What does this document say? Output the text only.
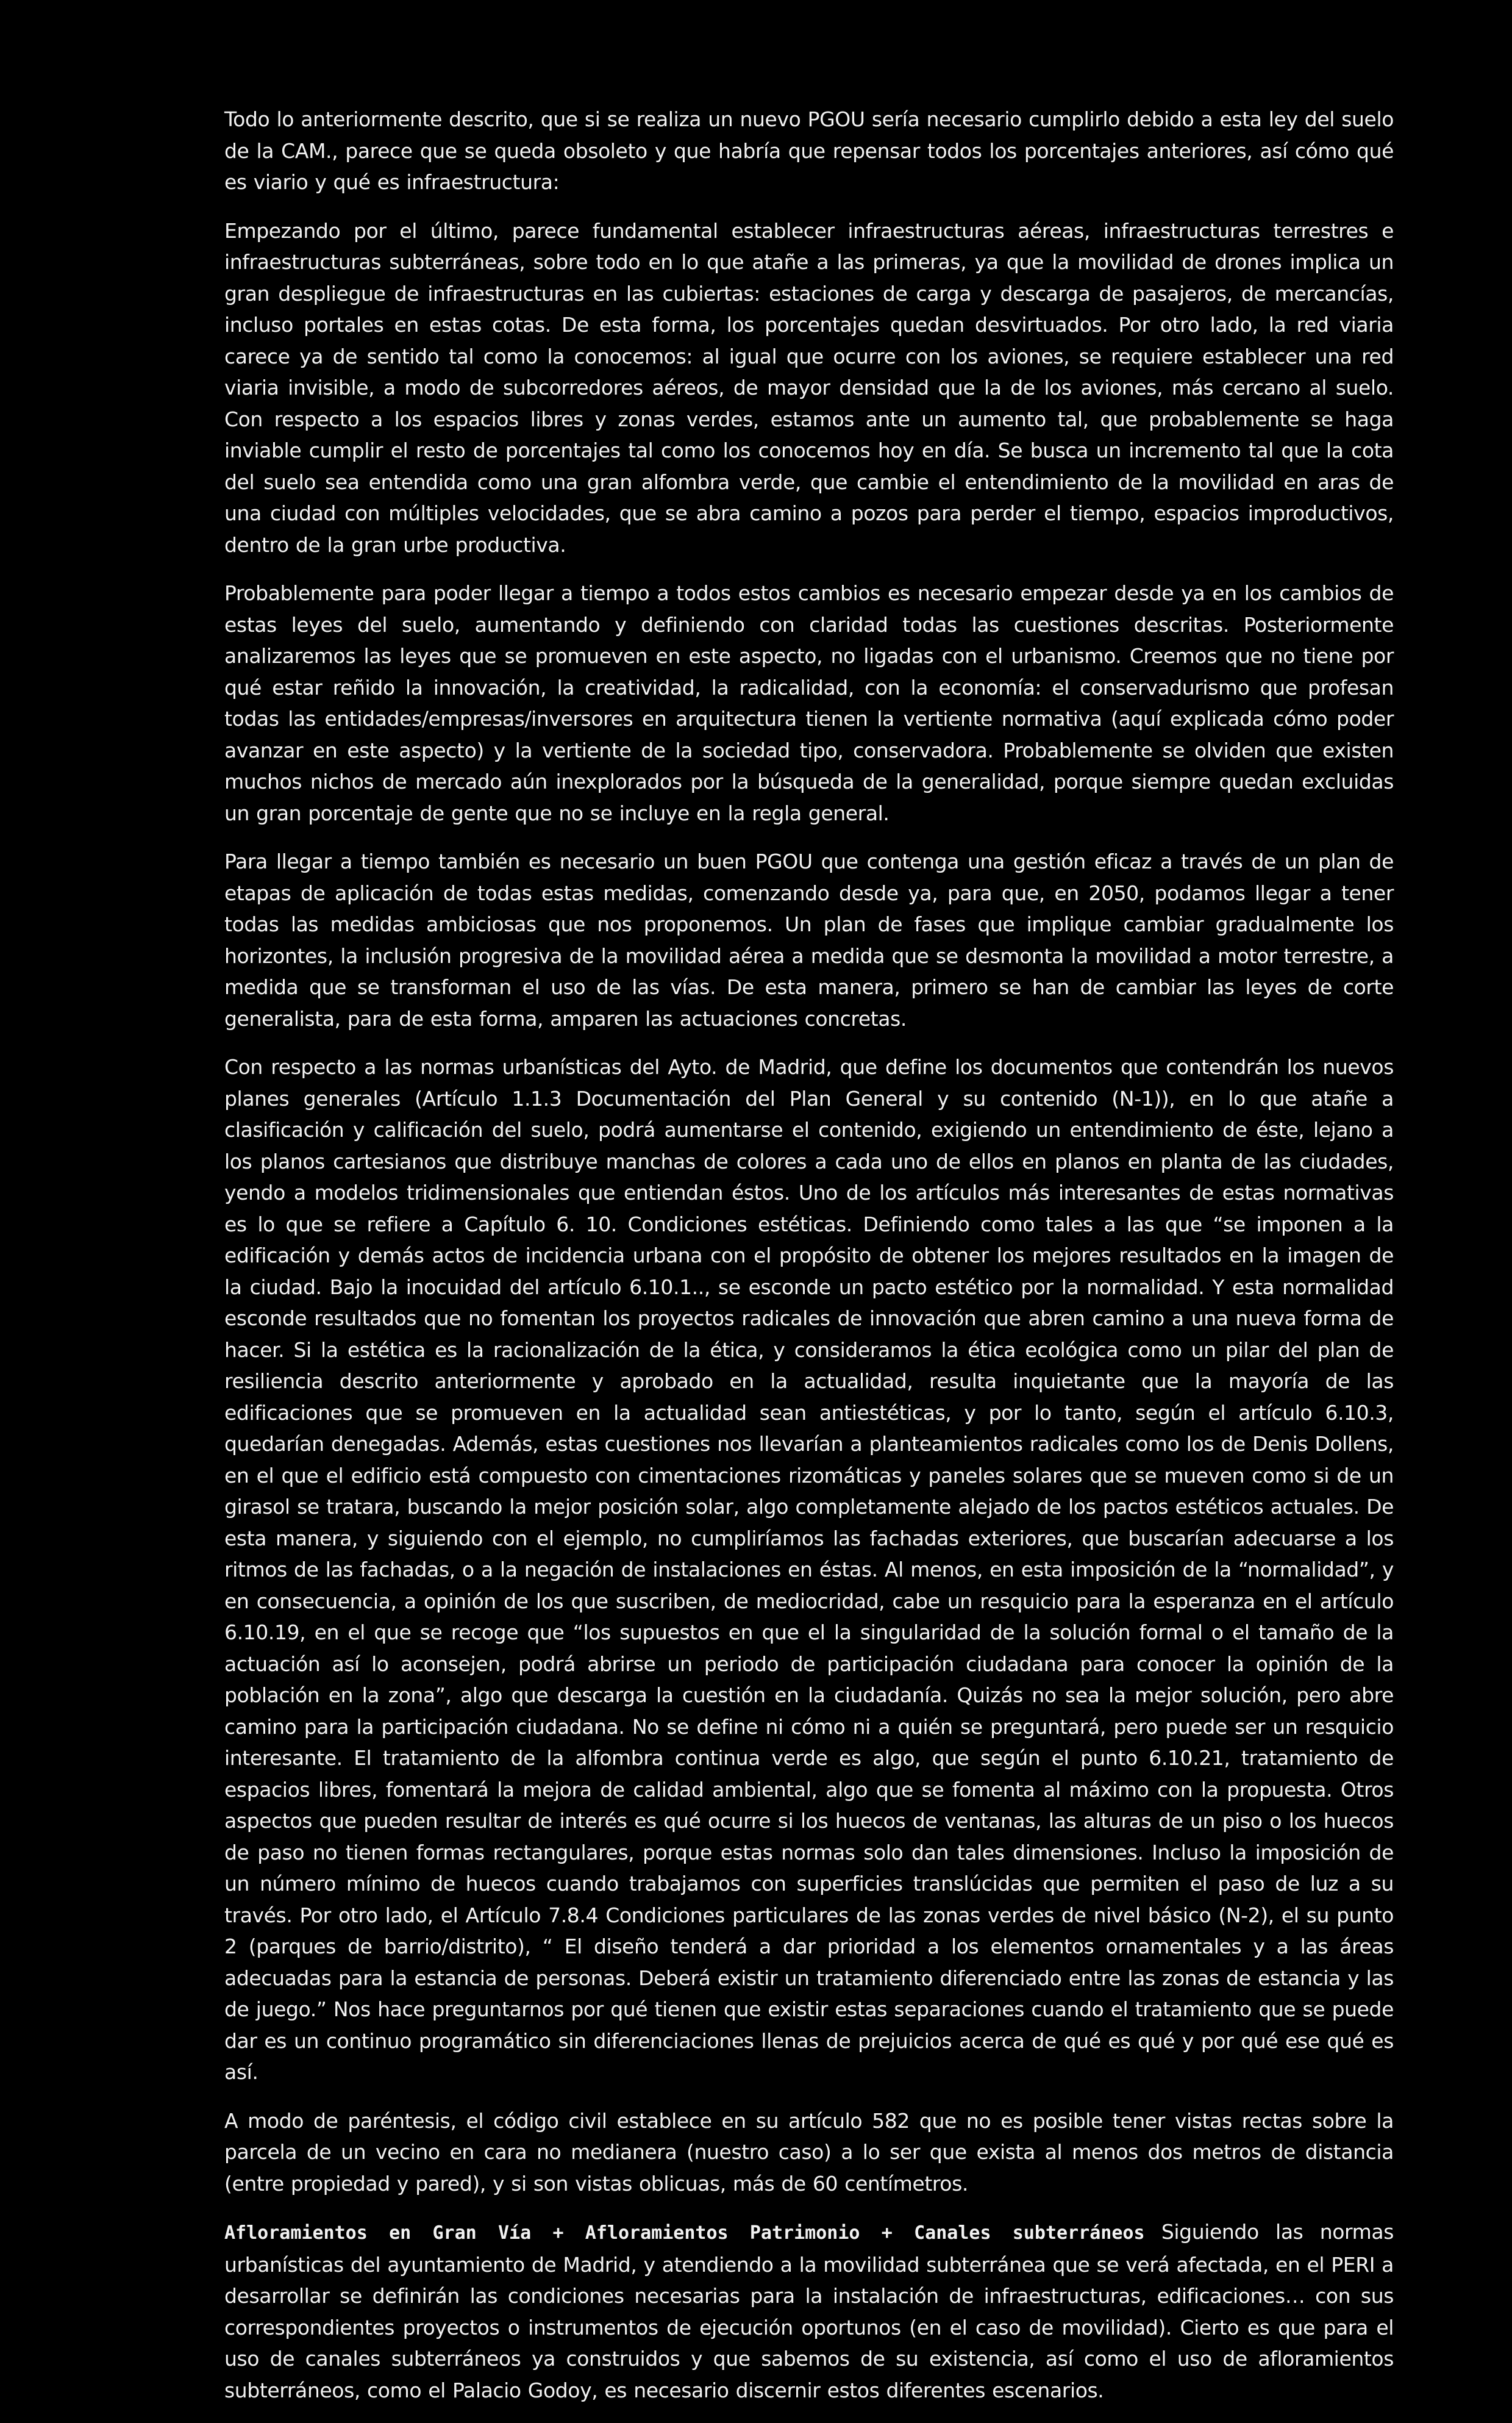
Todo lo anteriormente descrito, que si se realiza un nuevo PGOU sería necesario cumplirlo debido a esta ley del suelo de la CAM., parece que se queda obsoleto y que habría que repensar todos los porcentajes anteriores, así cómo qué es viario y qué es infraestructura:

Empezando por el último, parece fundamental establecer infraestructuras aéreas, infraestructuras terrestres e infraestructuras subterráneas, sobre todo en lo que atañe a las primeras, ya que la movilidad de drones implica un gran despliegue de infraestructuras en las cubiertas: estaciones de carga y descarga de pasajeros, de mercancías, incluso portales en estas cotas. De esta forma, los porcentajes quedan desvirtuados. Por otro lado, la red viaria carece ya de sentido tal como la conocemos: al igual que ocurre con los aviones, se requiere establecer una red viaria invisible, a modo de subcorredores aéreos, de mayor densidad que la de los aviones, más cercano al suelo. Con respecto a los espacios libres y zonas verdes, estamos ante un aumento tal, que probablemente se haga inviable cumplir el resto de porcentajes tal como los conocemos hoy en día. Se busca un incremento tal que la cota del suelo sea entendida como una gran alfombra verde, que cambie el entendimiento de la movilidad en aras de una ciudad con múltiples velocidades, que se abra camino a pozos para perder el tiempo, espacios improductivos, dentro de la gran urbe productiva.

Probablemente para poder llegar a tiempo a todos estos cambios es necesario empezar desde ya en los cambios de estas leyes del suelo, aumentando y definiendo con claridad todas las cuestiones descritas. Posteriormente analizaremos las leyes que se promueven en este aspecto, no ligadas con el urbanismo. Creemos que no tiene por qué estar reñido la innovación, la creatividad, la radicalidad, con la economía: el conservadurismo que profesan todas las entidades/empresas/inversores en arquitectura tienen la vertiente normativa (aquí explicada cómo poder avanzar en este aspecto) y la vertiente de la sociedad tipo, conservadora. Probablemente se olviden que existen muchos nichos de mercado aún inexplorados por la búsqueda de la generalidad, porque siempre quedan excluidas un gran porcentaje de gente que no se incluye en la regla general.

Para llegar a tiempo también es necesario un buen PGOU que contenga una gestión eficaz a través de un plan de etapas de aplicación de todas estas medidas, comenzando desde ya, para que, en 2050, podamos llegar a tener todas las medidas ambiciosas que nos proponemos. Un plan de fases que implique cambiar gradualmente los horizontes, la inclusión progresiva de la movilidad aérea a medida que se desmonta la movilidad a motor terrestre, a medida que se transforman el uso de las vías. De esta manera, primero se han de cambiar las leyes de corte generalista, para de esta forma, amparen las actuaciones concretas.

Con respecto a las normas urbanísticas del Ayto. de Madrid, que define los documentos que contendrán los nuevos planes generales (Artículo 1.1.3 Documentación del Plan General y su contenido (N-1)), en lo que atañe a clasificación y calificación del suelo, podrá aumentarse el contenido, exigiendo un entendimiento de éste, lejano a los planos cartesianos que distribuye manchas de colores a cada uno de ellos en planos en planta de las ciudades, yendo a modelos tridimensionales que entiendan éstos. Uno de los artículos más interesantes de estas normativas es lo que se refiere a Capítulo 6. 10. Condiciones estéticas. Definiendo como tales a las que “se imponen a la edificación y demás actos de incidencia urbana con el propósito de obtener los mejores resultados en la imagen de la ciudad. Bajo la inocuidad del artículo 6.10.1.., se esconde un pacto estético por la normalidad. Y esta normalidad esconde resultados que no fomentan los proyectos radicales de innovación que abren camino a una nueva forma de hacer. Si la estética es la racionalización de la ética, y consideramos la ética ecológica como un pilar del plan de resiliencia descrito anteriormente y aprobado en la actualidad, resulta inquietante que la mayoría de las edificaciones que se promueven en la actualidad sean antiestéticas, y por lo tanto, según el artículo 6.10.3, quedarían denegadas. Además, estas cuestiones nos llevarían a planteamientos radicales como los de Denis Dollens, en el que el edificio está compuesto con cimentaciones rizomáticas y paneles solares que se mueven como si de un girasol se tratara, buscando la mejor posición solar, algo completamente alejado de los pactos estéticos actuales. De esta manera, y siguiendo con el ejemplo, no cumpliríamos las fachadas exteriores, que buscarían adecuarse a los ritmos de las fachadas, o a la negación de instalaciones en éstas. Al menos, en esta imposición de la “normalidad”, y en consecuencia, a opinión de los que suscriben, de mediocridad, cabe un resquicio para la esperanza en el artículo 6.10.19, en el que se recoge que “los supuestos en que el la singularidad de la solución formal o el tamaño de la actuación así lo aconsejen, podrá abrirse un periodo de participación ciudadana para conocer la opinión de la población en la zona”, algo que descarga la cuestión en la ciudadanía. Quizás no sea la mejor solución, pero abre camino para la participación ciudadana. No se define ni cómo ni a quién se preguntará, pero puede ser un resquicio interesante. El tratamiento de la alfombra continua verde es algo, que según el punto 6.10.21, tratamiento de espacios libres, fomentará la mejora de calidad ambiental, algo que se fomenta al máximo con la propuesta. Otros aspectos que pueden resultar de interés es qué ocurre si los huecos de ventanas, las alturas de un piso o los huecos de paso no tienen formas rectangulares, porque estas normas solo dan tales dimensiones. Incluso la imposición de un número mínimo de huecos cuando trabajamos con superficies translúcidas que permiten el paso de luz a su través. Por otro lado, el Artículo 7.8.4 Condiciones particulares de las zonas verdes de nivel básico (N-2), el su punto 2 (parques de barrio/distrito), “ El diseño tenderá a dar prioridad a los elementos ornamentales y a las áreas adecuadas para la estancia de personas. Deberá existir un tratamiento diferenciado entre las zonas de estancia y las de juego.” Nos hace preguntarnos por qué tienen que existir estas separaciones cuando el tratamiento que se puede dar es un continuo programático sin diferenciaciones llenas de prejuicios acerca de qué es qué y por qué ese qué es así.

A modo de paréntesis, el código civil establece en su artículo 582 que no es posible tener vistas rectas sobre la parcela de un vecino en cara no medianera (nuestro caso) a lo ser que exista al menos dos metros de distancia (entre propiedad y pared), y si son vistas oblicuas, más de 60 centímetros.

Afloramientos en Gran Vía + Afloramientos Patrimonio + Canales subterráneos Siguiendo las normas urbanísticas del ayuntamiento de Madrid, y atendiendo a la movilidad subterránea que se verá afectada, en el PERI a desarrollar se definirán las condiciones necesarias para la instalación de infraestructuras, edificaciones… con sus correspondientes proyectos o instrumentos de ejecución oportunos (en el caso de movilidad). Cierto es que para el uso de canales subterráneos ya construidos y que sabemos de su existencia, así como el uso de afloramientos subterráneos, como el Palacio Godoy, es necesario discernir estos diferentes escenarios.
